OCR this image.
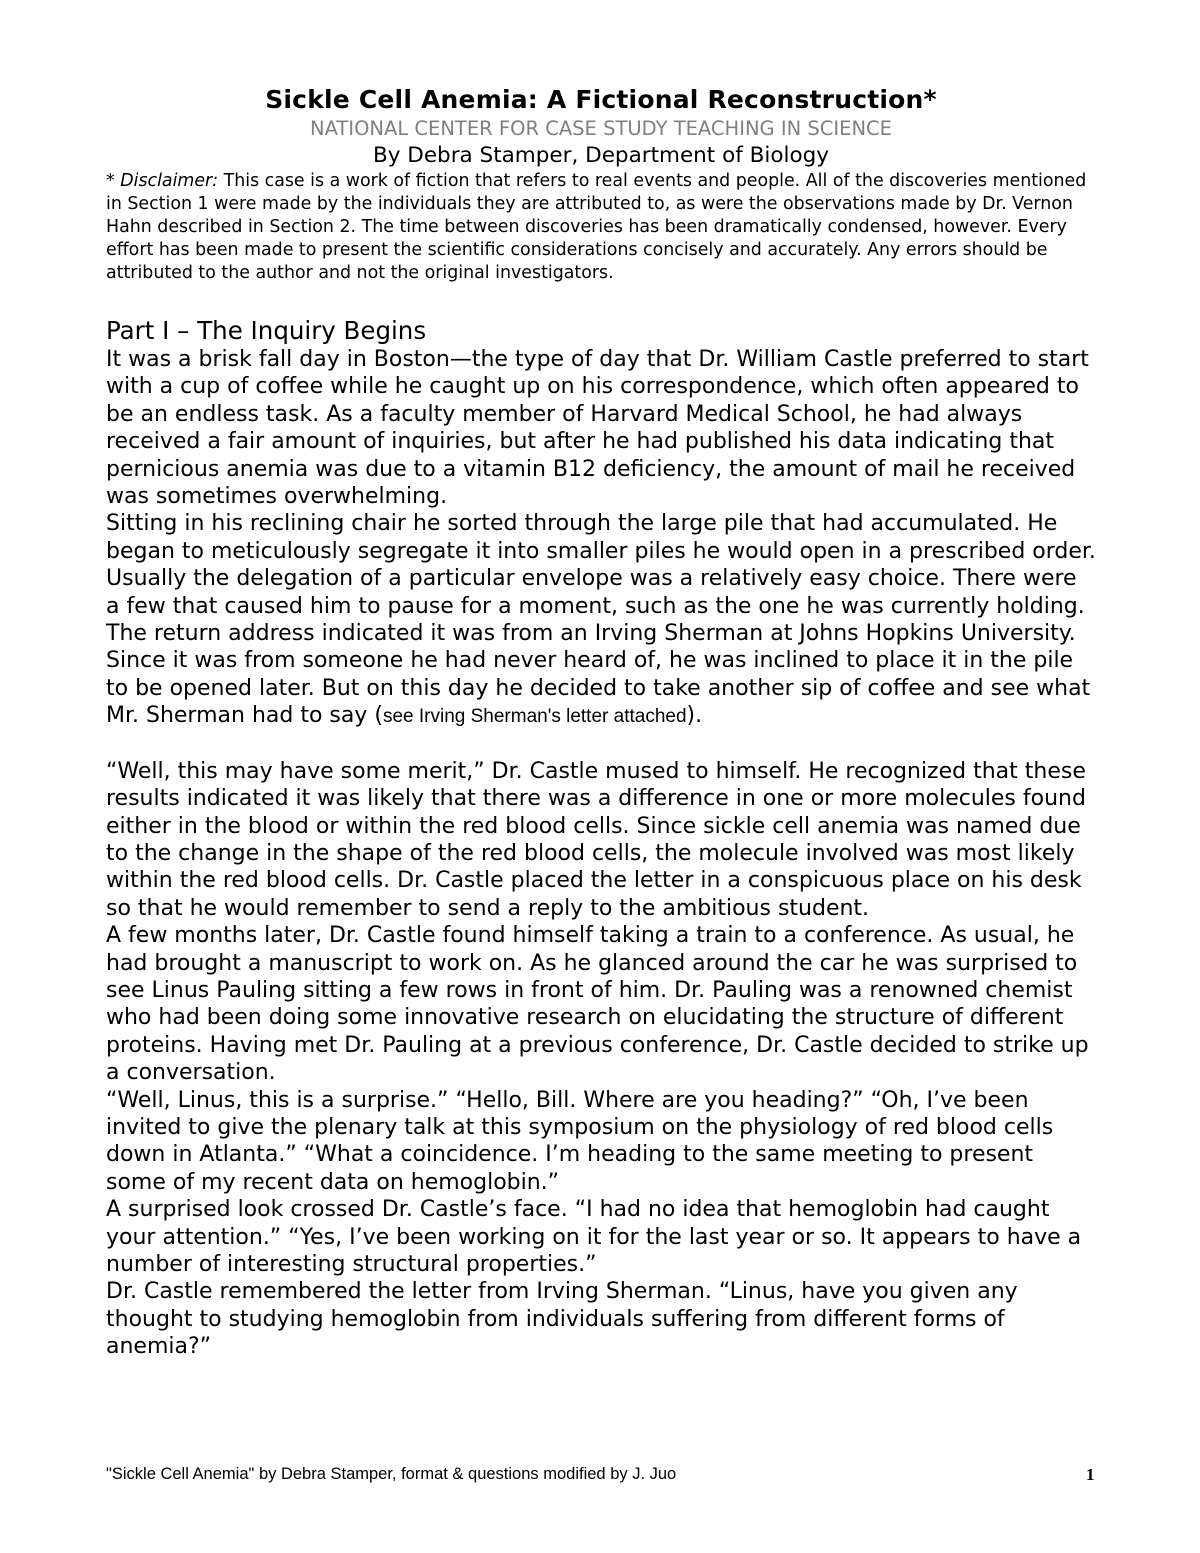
Sickle Cell Anemia: A Fictional Reconstruction*

NATIONAL CENTER FOR CASE STUDY TEACHING IN SCIENCE

By Debra Stamper, Department of Biology

* Disclaimer: This case is a work of fiction that refers to real events and people. All of the discoveries mentioned in Section 1 were made by the individuals they are attributed to, as were the observations made by Dr. Vernon Hahn described in Section 2. The time between discoveries has been dramatically condensed, however. Every effort has been made to present the scientific considerations concisely and accurately. Any errors should be attributed to the author and not the original investigators.

Part I – The Inquiry Begins

It was a brisk fall day in Boston—the type of day that Dr. William Castle preferred to start with a cup of coffee while he caught up on his correspondence, which often appeared to be an endless task. As a faculty member of Harvard Medical School, he had always received a fair amount of inquiries, but after he had published his data indicating that pernicious anemia was due to a vitamin B12 deficiency, the amount of mail he received was sometimes overwhelming.

Sitting in his reclining chair he sorted through the large pile that had accumulated. He began to meticulously segregate it into smaller piles he would open in a prescribed order. Usually the delegation of a particular envelope was a relatively easy choice. There were a few that caused him to pause for a moment, such as the one he was currently holding. The return address indicated it was from an Irving Sherman at Johns Hopkins University. Since it was from someone he had never heard of, he was inclined to place it in the pile to be opened later. But on this day he decided to take another sip of coffee and see what Mr. Sherman had to say (see Irving Sherman's letter attached).

“Well, this may have some merit,” Dr. Castle mused to himself. He recognized that these results indicated it was likely that there was a difference in one or more molecules found either in the blood or within the red blood cells. Since sickle cell anemia was named due to the change in the shape of the red blood cells, the molecule involved was most likely within the red blood cells. Dr. Castle placed the letter in a conspicuous place on his desk so that he would remember to send a reply to the ambitious student.

A few months later, Dr. Castle found himself taking a train to a conference. As usual, he had brought a manuscript to work on. As he glanced around the car he was surprised to see Linus Pauling sitting a few rows in front of him. Dr. Pauling was a renowned chemist who had been doing some innovative research on elucidating the structure of different proteins. Having met Dr. Pauling at a previous conference, Dr. Castle decided to strike up a conversation.

“Well, Linus, this is a surprise.” “Hello, Bill. Where are you heading?” “Oh, I’ve been invited to give the plenary talk at this symposium on the physiology of red blood cells down in Atlanta.” “What a coincidence. I’m heading to the same meeting to present some of my recent data on hemoglobin.”

A surprised look crossed Dr. Castle’s face. “I had no idea that hemoglobin had caught your attention.” “Yes, I’ve been working on it for the last year or so. It appears to have a number of interesting structural properties.”

Dr. Castle remembered the letter from Irving Sherman. “Linus, have you given any thought to studying hemoglobin from individuals suffering from different forms of anemia?”

"Sickle Cell Anemia" by Debra Stamper, format & questions modified by J. Juo	1
